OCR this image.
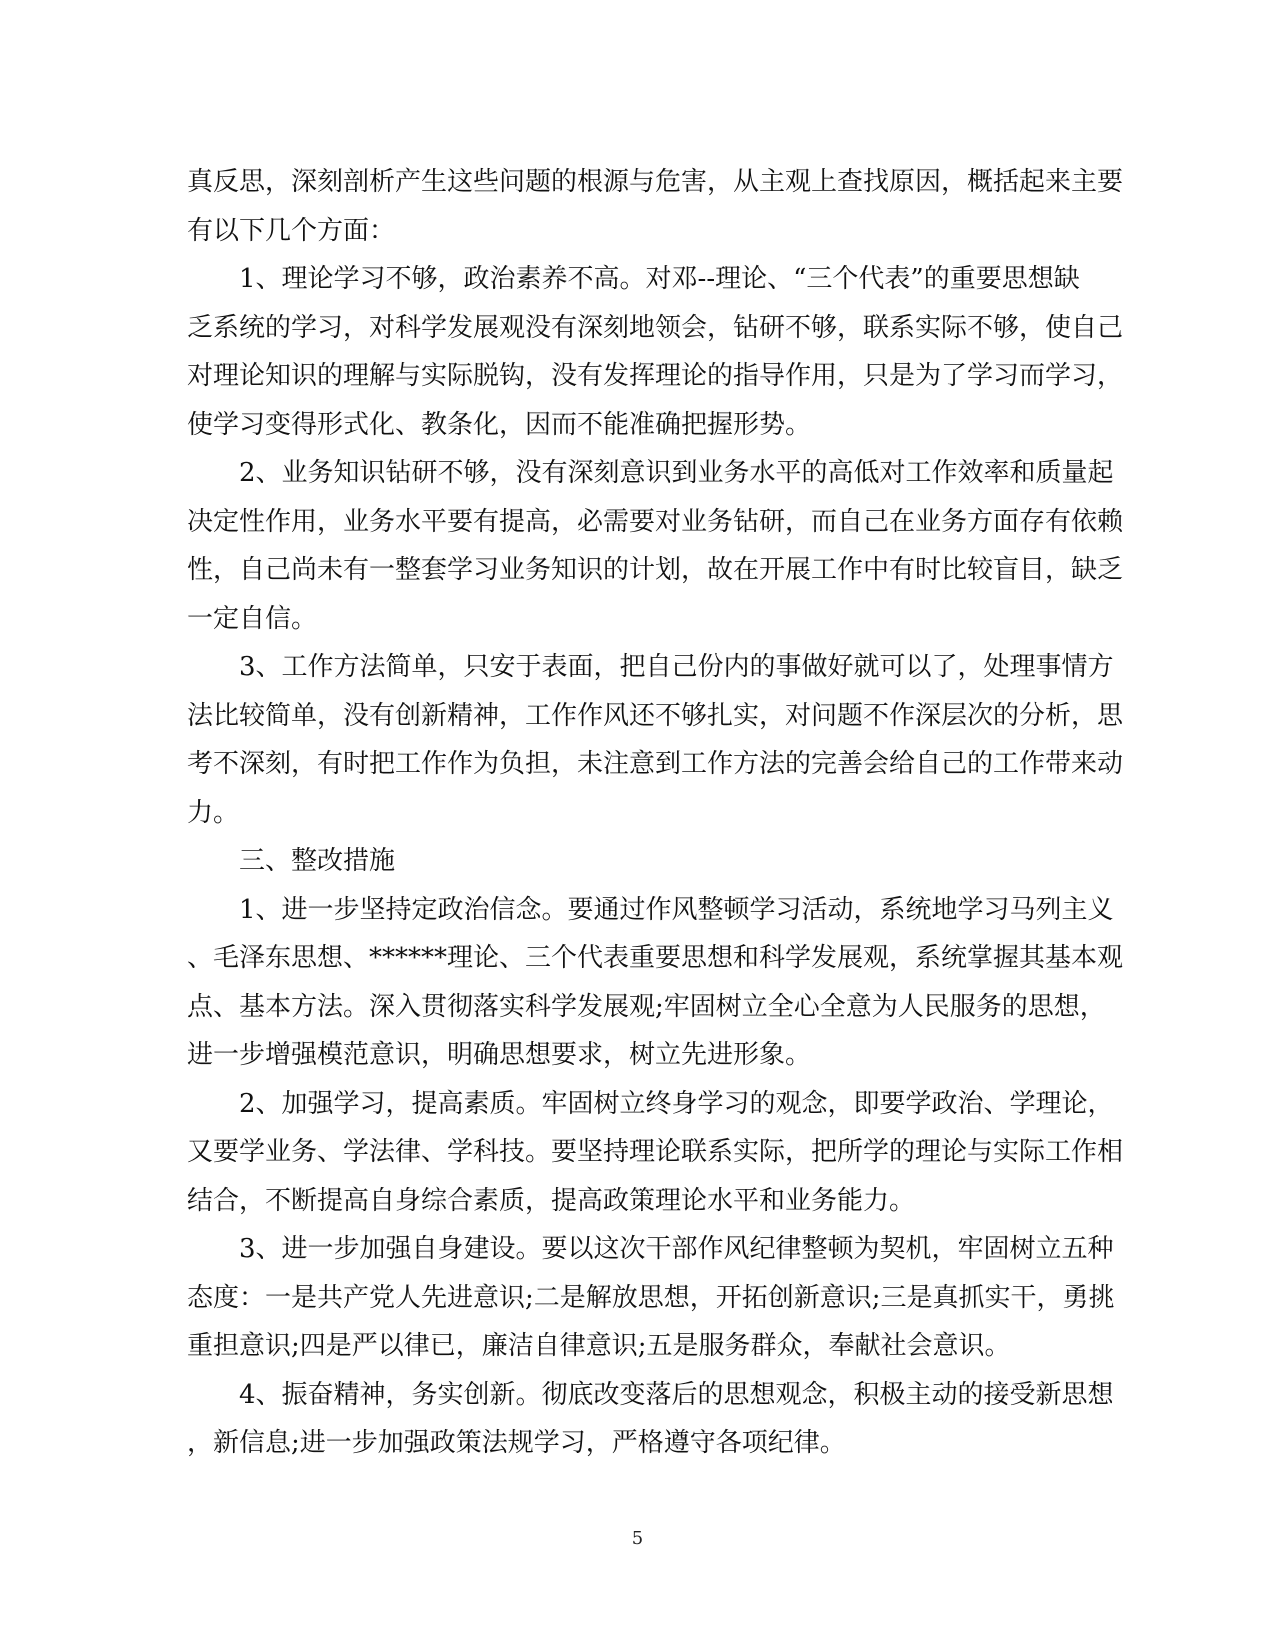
真反思，深刻剖析产生这些问题的根源与危害，从主观上查找原因，概括起来主要
有以下几个方面：
1、理论学习不够，政治素养不高。对邓--理论、“三个代表”的重要思想缺
乏系统的学习，对科学发展观没有深刻地领会，钻研不够，联系实际不够，使自己
对理论知识的理解与实际脱钩，没有发挥理论的指导作用，只是为了学习而学习，
使学习变得形式化、教条化，因而不能准确把握形势。
2、业务知识钻研不够，没有深刻意识到业务水平的高低对工作效率和质量起
决定性作用，业务水平要有提高，必需要对业务钻研，而自己在业务方面存有依赖
性，自己尚未有一整套学习业务知识的计划，故在开展工作中有时比较盲目，缺乏
一定自信。
3、工作方法简单，只安于表面，把自己份内的事做好就可以了，处理事情方
法比较简单，没有创新精神，工作作风还不够扎实，对问题不作深层次的分析，思
考不深刻，有时把工作作为负担，未注意到工作方法的完善会给自己的工作带来动
力。
三、整改措施
1、进一步坚持定政治信念。要通过作风整顿学习活动，系统地学习马列主义
、毛泽东思想、******理论、三个代表重要思想和科学发展观，系统掌握其基本观
点、基本方法。深入贯彻落实科学发展观;牢固树立全心全意为人民服务的思想，
进一步增强模范意识，明确思想要求，树立先进形象。
2、加强学习，提高素质。牢固树立终身学习的观念，即要学政治、学理论，
又要学业务、学法律、学科技。要坚持理论联系实际，把所学的理论与实际工作相
结合，不断提高自身综合素质，提高政策理论水平和业务能力。
3、进一步加强自身建设。要以这次干部作风纪律整顿为契机，牢固树立五种
态度：一是共产党人先进意识;二是解放思想，开拓创新意识;三是真抓实干，勇挑
重担意识;四是严以律已，廉洁自律意识;五是服务群众，奉献社会意识。
4、振奋精神，务实创新。彻底改变落后的思想观念，积极主动的接受新思想
，新信息;进一步加强政策法规学习，严格遵守各项纪律。
5
